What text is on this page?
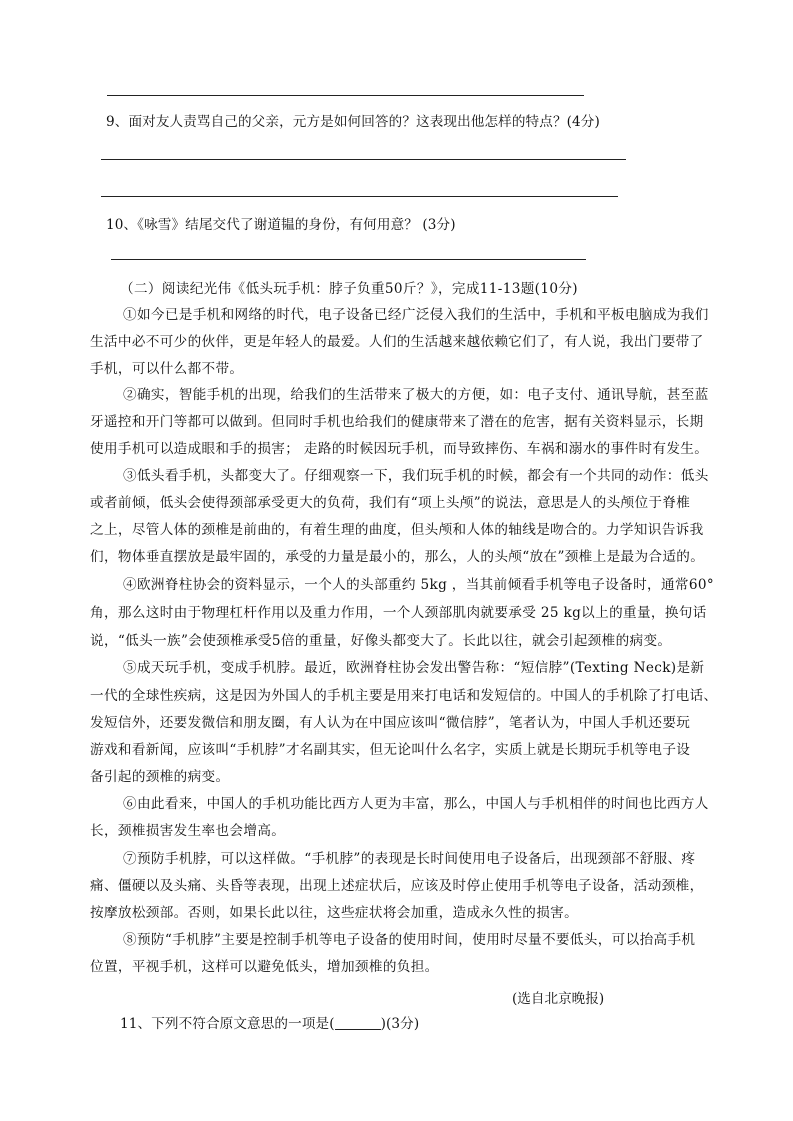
9、面对友人责骂自己的父亲，元方是如何回答的？这表现出他怎样的特点？(4分)
10、《咏雪》结尾交代了谢道韫的身份，有何用意？ (3分)
（二）阅读纪光伟《低头玩手机：脖子负重50斤？》，完成11-13题(10分)
①如今已是手机和网络的时代，电子设备已经广泛侵入我们的生活中，手机和平板电脑成为我们
生活中必不可少的伙伴，更是年轻人的最爱。人们的生活越来越依赖它们了，有人说，我出门要带了
手机，可以什么都不带。
②确实，智能手机的出现，给我们的生活带来了极大的方便，如：电子支付、通讯导航，甚至蓝
牙遥控和开门等都可以做到。但同时手机也给我们的健康带来了潜在的危害，据有关资料显示，长期
使用手机可以造成眼和手的损害； 走路的时候因玩手机，而导致摔伤、车祸和溺水的事件时有发生。
③低头看手机，头都变大了。仔细观察一下，我们玩手机的时候，都会有一个共同的动作：低头
或者前倾，低头会使得颈部承受更大的负荷，我们有“项上头颅”的说法，意思是人的头颅位于脊椎
之上，尽管人体的颈椎是前曲的，有着生理的曲度，但头颅和人体的轴线是吻合的。力学知识告诉我
们，物体垂直摆放是最牢固的，承受的力量是最小的，那么，人的头颅“放在”颈椎上是最为合适的。
④欧洲脊柱协会的资料显示，一个人的头部重约 5kg ，当其前倾看手机等电子设备时，通常60°
角，那么这时由于物理杠杆作用以及重力作用，一个人颈部肌肉就要承受 25 kg以上的重量，换句话
说，“低头一族”会使颈椎承受5倍的重量，好像头都变大了。长此以往，就会引起颈椎的病变。
⑤成天玩手机，变成手机脖。最近，欧洲脊柱协会发出警告称：“短信脖”(Texting Neck)是新
一代的全球性疾病，这是因为外国人的手机主要是用来打电话和发短信的。中国人的手机除了打电话、
发短信外，还要发微信和朋友圈，有人认为在中国应该叫“微信脖”，笔者认为，中国人手机还要玩
游戏和看新闻，应该叫“手机脖”才名副其实，但无论叫什么名字，实质上就是长期玩手机等电子设
备引起的颈椎的病变。
⑥由此看来，中国人的手机功能比西方人更为丰富，那么，中国人与手机相伴的时间也比西方人
长，颈椎损害发生率也会增高。
⑦预防手机脖，可以这样做。“手机脖”的表现是长时间使用电子设备后，出现颈部不舒服、疼
痛、僵硬以及头痛、头昏等表现，出现上述症状后，应该及时停止使用手机等电子设备，活动颈椎，
按摩放松颈部。否则，如果长此以往，这些症状将会加重，造成永久性的损害。
⑧预防“手机脖”主要是控制手机等电子设备的使用时间，使用时尽量不要低头，可以抬高手机
位置，平视手机，这样可以避免低头，增加颈椎的负担。
(选自北京晚报)
11、下列不符合原文意思的一项是(	)(3分)
